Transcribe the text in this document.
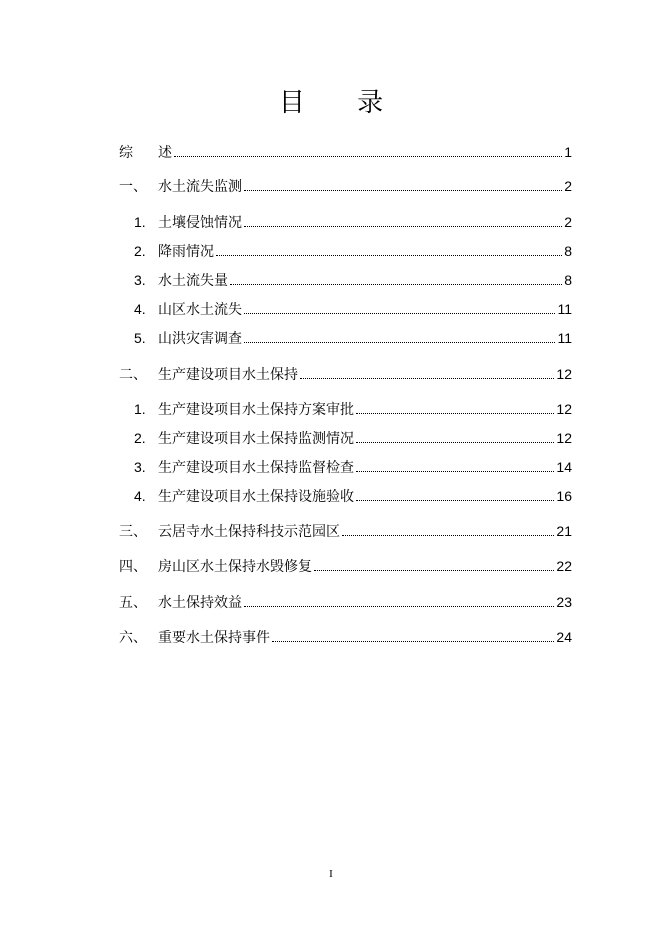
目 录
综	述	1
一、 水土流失监测	2
1. 土壤侵蚀情况	2
2. 降雨情况	8
3. 水土流失量	8
4. 山区水土流失	11
5. 山洪灾害调查	11
二、 生产建设项目水土保持	12
1. 生产建设项目水土保持方案审批	12
2. 生产建设项目水土保持监测情况	12
3. 生产建设项目水土保持监督检查	14
4. 生产建设项目水土保持设施验收	16
三、 云居寺水土保持科技示范园区	21
四、 房山区水土保持水毁修复	22
五、 水土保持效益	23
六、 重要水土保持事件	24
I
